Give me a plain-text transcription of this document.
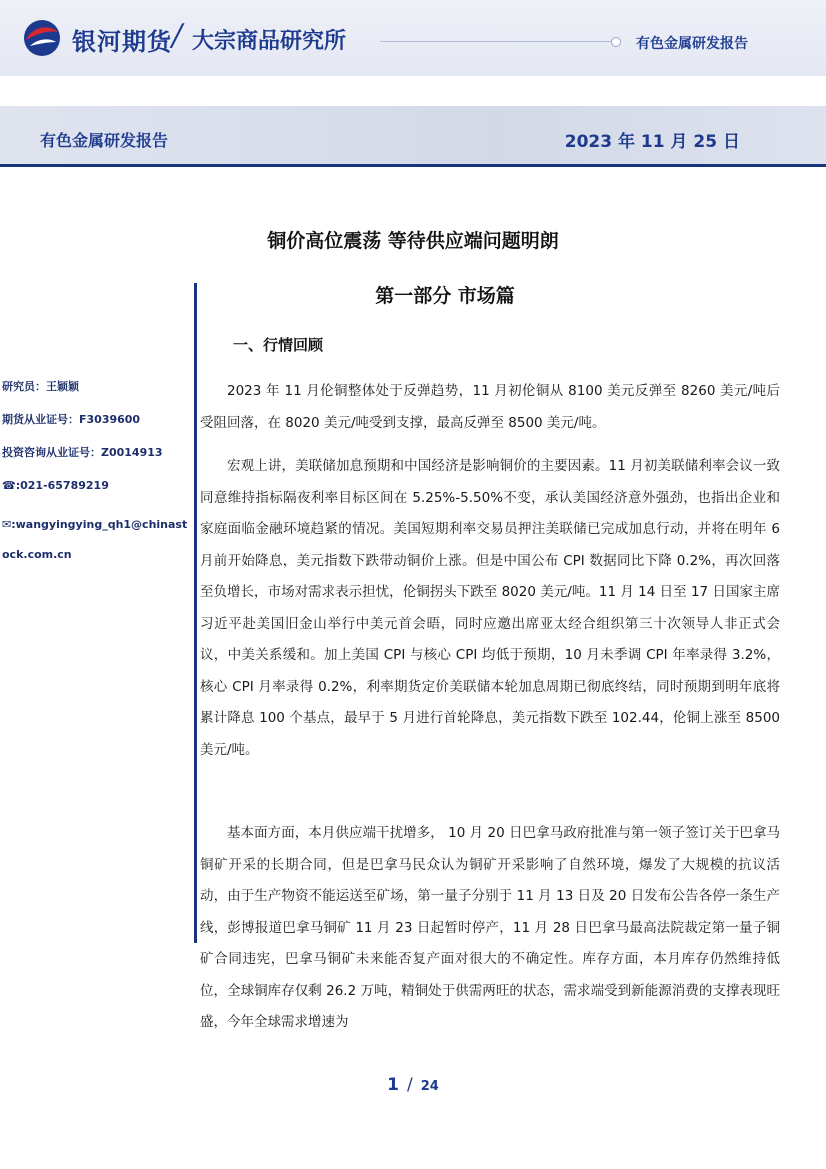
银河期货 / 大宗商品研究所	有色金属研发报告
有色金属研发报告	2023 年 11 月 25 日
铜价高位震荡 等待供应端问题明朗
第一部分 市场篇
研究员：王颖颖
期货从业证号：F3039600
投资咨询从业证号：Z0014913
☎:021-65789219
✉:wangyingying_qh1@chinastock.com.cn
一、行情回顾

2023 年 11 月伦铜整体处于反弹趋势，11 月初伦铜从 8100 美元反弹至 8260 美元/吨后受阻回落，在 8020 美元/吨受到支撑，最高反弹至 8500 美元/吨。

宏观上讲，美联储加息预期和中国经济是影响铜价的主要因素。11 月初美联储利率会议一致同意维持指标隔夜利率目标区间在 5.25%-5.50%不变，承认美国经济意外强劲，也指出企业和家庭面临金融环境趋紧的情况。美国短期利率交易员押注美联储已完成加息行动，并将在明年 6 月前开始降息，美元指数下跌带动铜价上涨。但是中国公布 CPI 数据同比下降 0.2%，再次回落至负增长，市场对需求表示担忧，伦铜拐头下跌至 8020 美元/吨。11 月 14 日至 17 日国家主席习近平赴美国旧金山举行中美元首会晤，同时应邀出席亚太经合组织第三十次领导人非正式会议，中美关系缓和。加上美国 CPI 与核心 CPI 均低于预期，10 月未季调 CPI 年率录得 3.2%，核心 CPI 月率录得 0.2%，利率期货定价美联储本轮加息周期已彻底终结，同时预期到明年底将累计降息 100 个基点，最早于 5 月进行首轮降息，美元指数下跌至 102.44，伦铜上涨至 8500 美元/吨。

基本面方面，本月供应端干扰增多， 10 月 20 日巴拿马政府批准与第一领子签订关于巴拿马铜矿开采的长期合同，但是巴拿马民众认为铜矿开采影响了自然环境，爆发了大规模的抗议活动，由于生产物资不能运送至矿场，第一量子分别于 11 月 13 日及 20 日发布公告各停一条生产线，彭博报道巴拿马铜矿 11 月 23 日起暂时停产，11 月 28 日巴拿马最高法院裁定第一量子铜矿合同违宪，巴拿马铜矿未来能否复产面对很大的不确定性。库存方面，本月库存仍然维持低位，全球铜库存仅剩 26.2 万吨，精铜处于供需两旺的状态，需求端受到新能源消费的支撑表现旺盛，今年全球需求增速为

1 / 24
